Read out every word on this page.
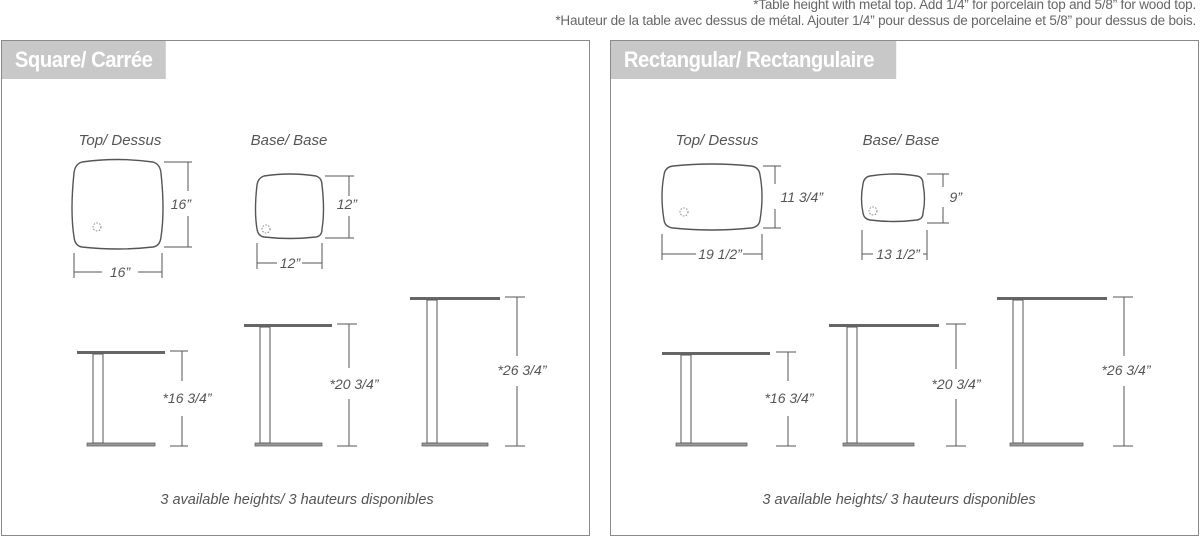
*Table height with metal top. Add 1/4” for porcelain top and 5/8” for wood top.
*Hauteur de la table avec dessus de métal. Ajouter 1/4” pour dessus de porcelaine et 5/8” pour dessus de bois.
Square/ Carrée
Top/ Dessus	Base/ Base
16”
16”
12”
12”
*16 3/4”
*20 3/4”
*26 3/4”
3 available heights/ 3 hauteurs disponibles
Rectangular/ Rectangulaire
Top/ Dessus	Base/ Base
11 3/4”
19 1/2”
9”
13 1/2”
*16 3/4”
*20 3/4”
*26 3/4”
3 available heights/ 3 hauteurs disponibles
